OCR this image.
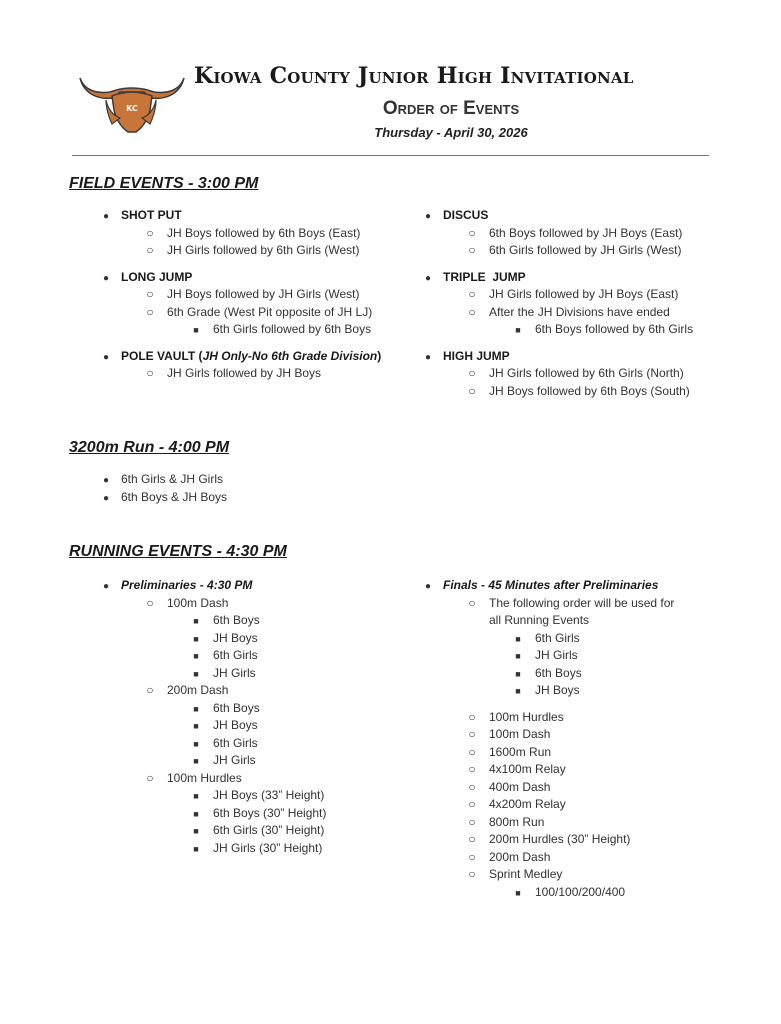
KC
Kiowa County Junior High Invitational
Order of Events
Thursday - April 30, 2026
FIELD EVENTS - 3:00 PM
●
SHOT PUT
○
JH Boys followed by 6th Boys (East)
○
JH Girls followed by 6th Girls (West)
●
LONG JUMP
○
JH Boys followed by JH Girls (West)
○
6th Grade (West Pit opposite of JH LJ)
■
6th Girls followed by 6th Boys
●
POLE VAULT (JH Only-No 6th Grade Division)
○
JH Girls followed by JH Boys
●
DISCUS
○
6th Boys followed by JH Boys (East)
○
6th Girls followed by JH Girls (West)
●
TRIPLE  JUMP
○
JH Girls followed by JH Boys (East)
○
After the JH Divisions have ended
■
6th Boys followed by 6th Girls
●
HIGH JUMP
○
JH Girls followed by 6th Girls (North)
○
JH Boys followed by 6th Boys (South)
3200m Run - 4:00 PM
●
6th Girls & JH Girls
●
6th Boys & JH Boys
RUNNING EVENTS - 4:30 PM
●
Preliminaries - 4:30 PM
○
100m Dash
■
6th Boys
■
JH Boys
■
6th Girls
■
JH Girls
○
200m Dash
■
6th Boys
■
JH Boys
■
6th Girls
■
JH Girls
○
100m Hurdles
■
JH Boys (33” Height)
■
6th Boys (30” Height)
■
6th Girls (30” Height)
■
JH Girls (30” Height)
●
Finals - 45 Minutes after Preliminaries
○
The following order will be used for
all Running Events
■
6th Girls
■
JH Girls
■
6th Boys
■
JH Boys
○
100m Hurdles
○
100m Dash
○
1600m Run
○
4x100m Relay
○
400m Dash
○
4x200m Relay
○
800m Run
○
200m Hurdles (30” Height)
○
200m Dash
○
Sprint Medley
■
100/100/200/400
